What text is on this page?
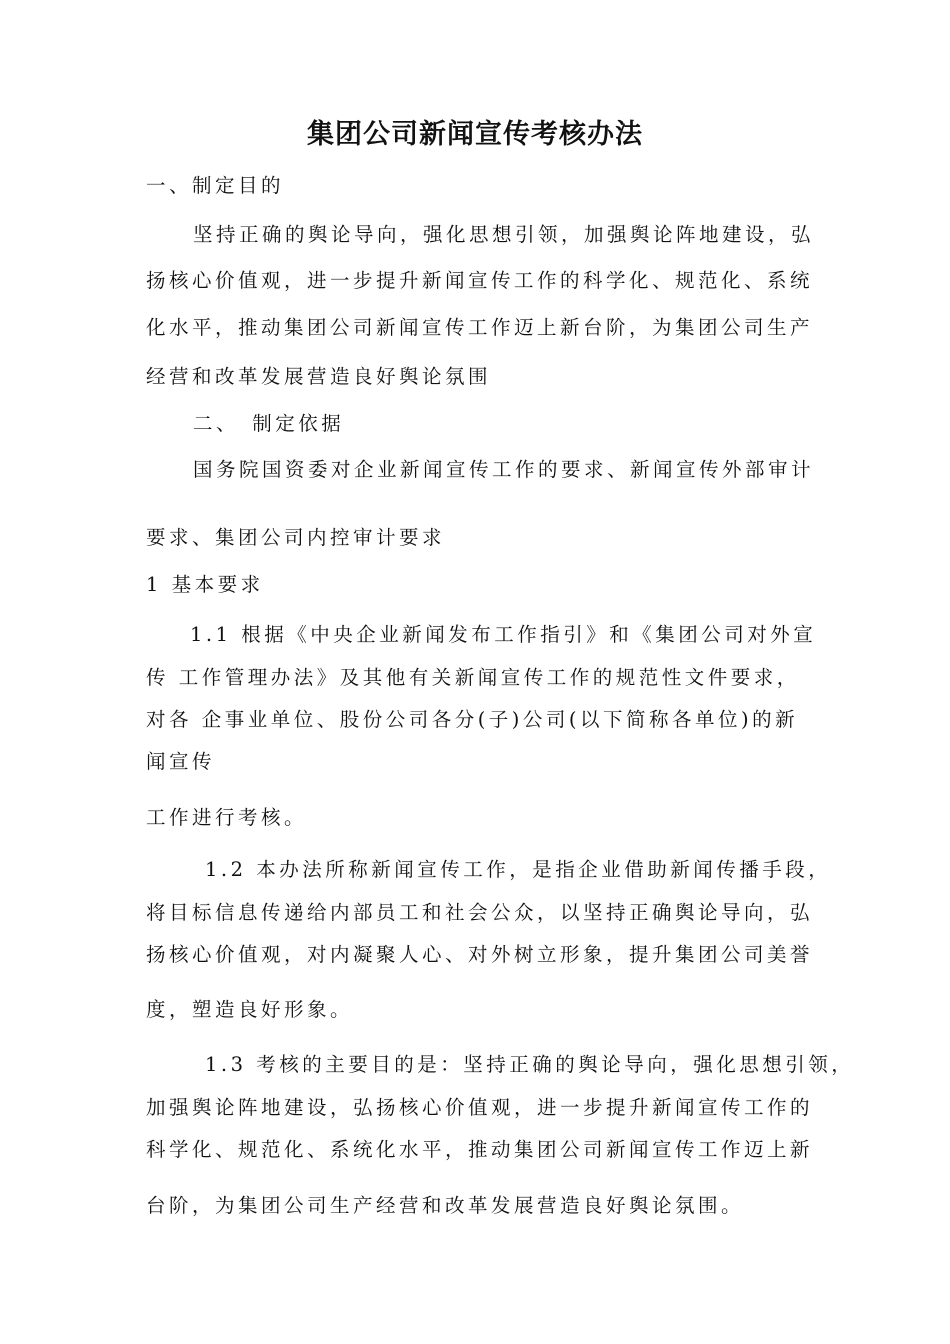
集团公司新闻宣传考核办法
一、制定目的
坚持正确的舆论导向，强化思想引领，加强舆论阵地建设，弘
扬核心价值观，进一步提升新闻宣传工作的科学化、规范化、系统
化水平，推动集团公司新闻宣传工作迈上新台阶，为集团公司生产
经营和改革发展营造良好舆论氛围
二、　制定依据
国务院国资委对企业新闻宣传工作的要求、新闻宣传外部审计
要求、集团公司内控审计要求
1 基本要求
1.1 根据《中央企业新闻发布工作指引》和《集团公司对外宣
传 工作管理办法》及其他有关新闻宣传工作的规范性文件要求，
对各 企事业单位、股份公司各分(子)公司(以下简称各单位)的新
闻宣传
工作进行考核。
1.2 本办法所称新闻宣传工作，是指企业借助新闻传播手段，
将目标信息传递给内部员工和社会公众，以坚持正确舆论导向，弘
扬核心价值观，对内凝聚人心、对外树立形象，提升集团公司美誉
度，塑造良好形象。
1.3 考核的主要目的是：坚持正确的舆论导向，强化思想引领，
加强舆论阵地建设，弘扬核心价值观，进一步提升新闻宣传工作的
科学化、规范化、系统化水平，推动集团公司新闻宣传工作迈上新
台阶，为集团公司生产经营和改革发展营造良好舆论氛围。
